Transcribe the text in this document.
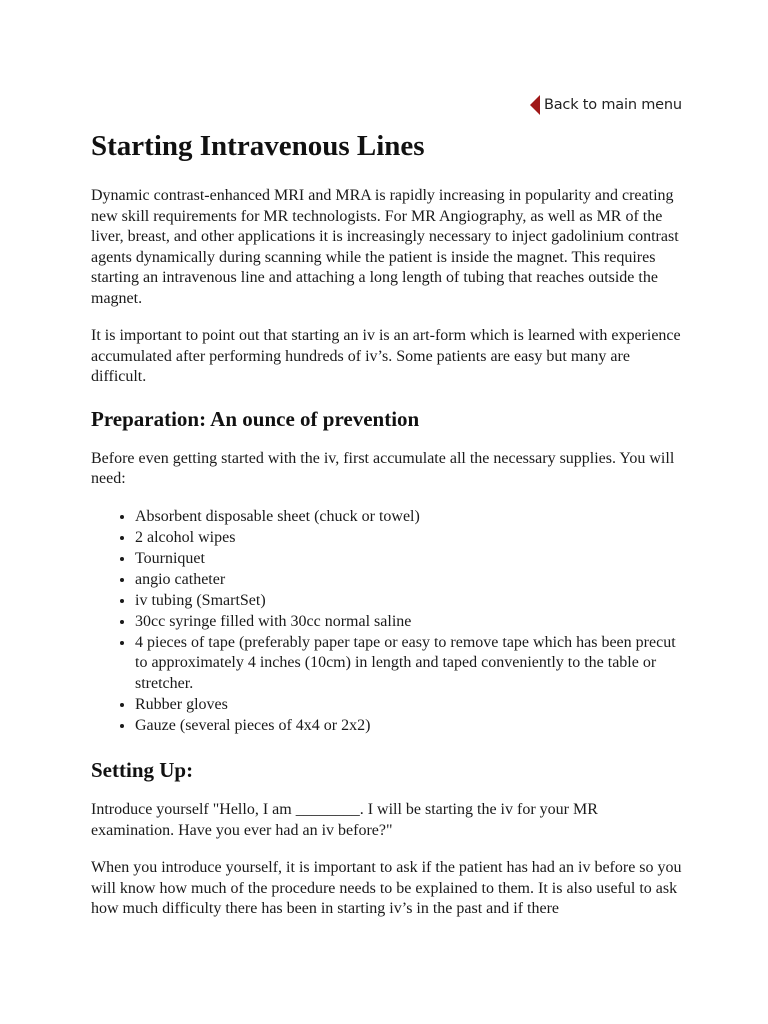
Back to main menu
Starting Intravenous Lines

Dynamic contrast-enhanced MRI and MRA is rapidly increasing in popularity and creating new skill requirements for MR technologists. For MR Angiography, as well as MR of the liver, breast, and other applications it is increasingly necessary to inject gadolinium contrast agents dynamically during scanning while the patient is inside the magnet. This requires starting an intravenous line and attaching a long length of tubing that reaches outside the magnet.

It is important to point out that starting an iv is an art-form which is learned with experience accumulated after performing hundreds of iv’s. Some patients are easy but many are difficult.

Preparation: An ounce of prevention

Before even getting started with the iv, first accumulate all the necessary supplies. You will need:

• Absorbent disposable sheet (chuck or towel)
• 2 alcohol wipes
• Tourniquet
• angio catheter
• iv tubing (SmartSet)
• 30cc syringe filled with 30cc normal saline
• 4 pieces of tape (preferably paper tape or easy to remove tape which has been precut to approximately 4 inches (10cm) in length and taped conveniently to the table or stretcher.
• Rubber gloves
• Gauze (several pieces of 4x4 or 2x2)
Setting Up:

Introduce yourself "Hello, I am ________. I will be starting the iv for your MR examination. Have you ever had an iv before?"

When you introduce yourself, it is important to ask if the patient has had an iv before so you will know how much of the procedure needs to be explained to them. It is also useful to ask how much difficulty there has been in starting iv’s in the past and if there
